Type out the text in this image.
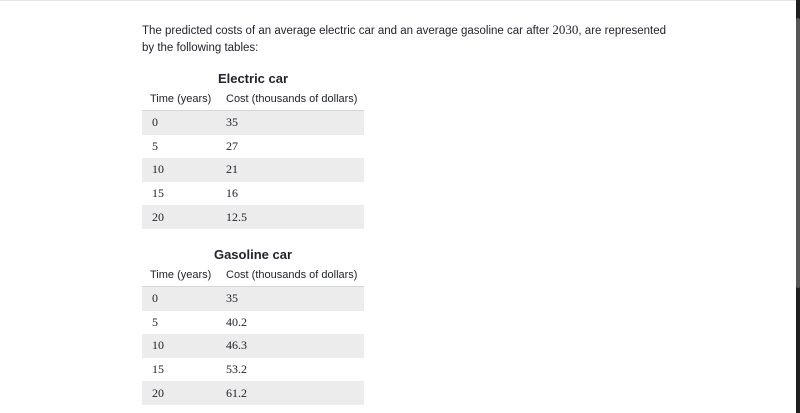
The predicted costs of an average electric car and an average gasoline car after 2030, are represented by the following tables:

Electric car
Time (years)	Cost (thousands of dollars)
0	35
5	27
10	21
15	16
20	12.5
Gasoline car
Time (years)	Cost (thousands of dollars)
0	35
5	40.2
10	46.3
15	53.2
20	61.2
